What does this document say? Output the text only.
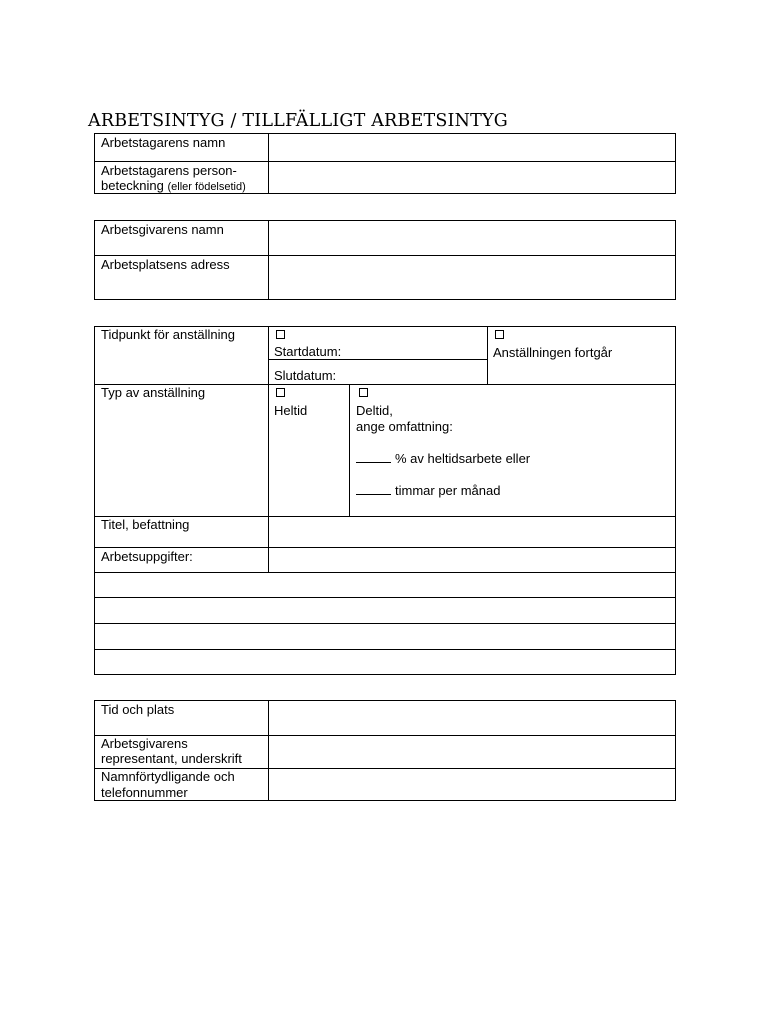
ARBETSINTYG / TILLFÄLLIGT ARBETSINTYG
Arbetstagarens namn
Arbetstagarens person-
beteckning (eller födelsetid)
Arbetsgivarens namn
Arbetsplatsens adress
Tidpunkt för anställning
Startdatum:
Slutdatum:
Anställningen fortgår
Typ av anställning
Heltid	Deltid,
ange omfattning:
% av heltidsarbete eller
timmar per månad
Titel, befattning
Arbetsuppgifter:
Tid och plats
Arbetsgivarens
representant, underskrift
Namnförtydligande och
telefonnummer
